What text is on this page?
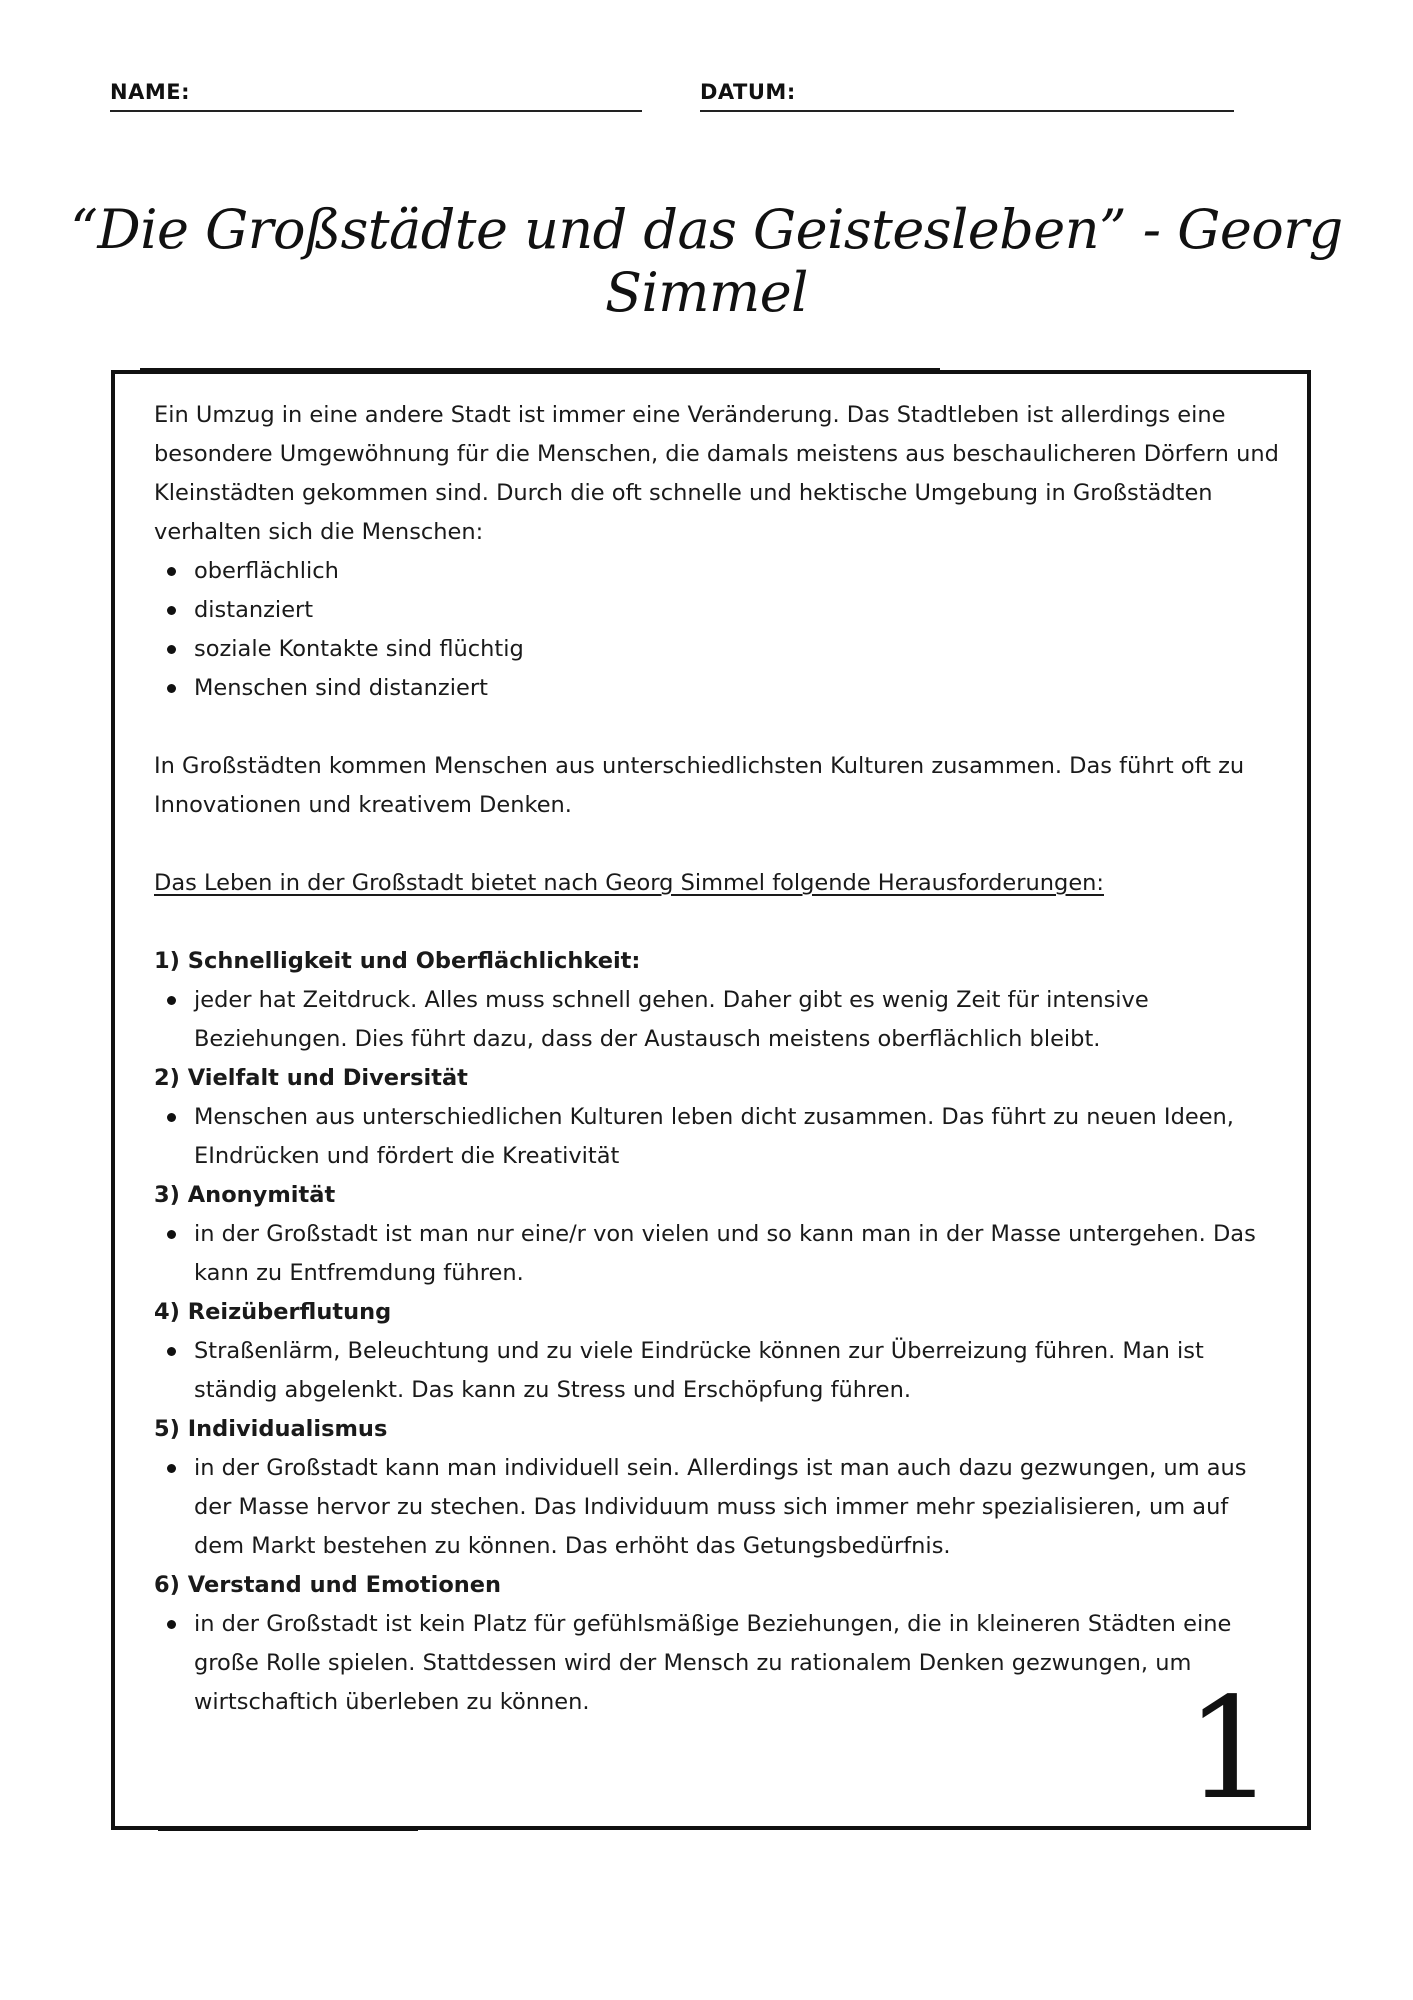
NAME:	DATUM:
“Die Großstädte und das Geistesleben” - Georg Simmel

Ein Umzug in eine andere Stadt ist immer eine Veränderung. Das Stadtleben ist allerdings eine besondere Umgewöhnung für die Menschen, die damals meistens aus beschaulicheren Dörfern und Kleinstädten gekommen sind. Durch die oft schnelle und hektische Umgebung in Großstädten verhalten sich die Menschen:

oberflächlich
distanziert
soziale Kontakte sind flüchtig
Menschen sind distanziert

In Großstädten kommen Menschen aus unterschiedlichsten Kulturen zusammen. Das führt oft zu Innovationen und kreativem Denken.

Das Leben in der Großstadt bietet nach Georg Simmel folgende Herausforderungen:

1) Schnelligkeit und Oberflächlichkeit:

jeder hat Zeitdruck. Alles muss schnell gehen. Daher gibt es wenig Zeit für intensive Beziehungen. Dies führt dazu, dass der Austausch meistens oberflächlich bleibt.

2) Vielfalt und Diversität

Menschen aus unterschiedlichen Kulturen leben dicht zusammen. Das führt zu neuen Ideen, EIndrücken und fördert die Kreativität

3) Anonymität

in der Großstadt ist man nur eine/r von vielen und so kann man in der Masse untergehen. Das kann zu Entfremdung führen.

4) Reizüberflutung

Straßenlärm, Beleuchtung und zu viele Eindrücke können zur Überreizung führen. Man ist ständig abgelenkt. Das kann zu Stress und Erschöpfung führen.

5) Individualismus

in der Großstadt kann man individuell sein. Allerdings ist man auch dazu gezwungen, um aus der Masse hervor zu stechen. Das Individuum muss sich immer mehr spezialisieren, um auf dem Markt bestehen zu können. Das erhöht das Getungsbedürfnis.

6) Verstand und Emotionen

in der Großstadt ist kein Platz für gefühlsmäßige Beziehungen, die in kleineren Städten eine große Rolle spielen. Stattdessen wird der Mensch zu rationalem Denken gezwungen, um wirtschaftich überleben zu können.	1
